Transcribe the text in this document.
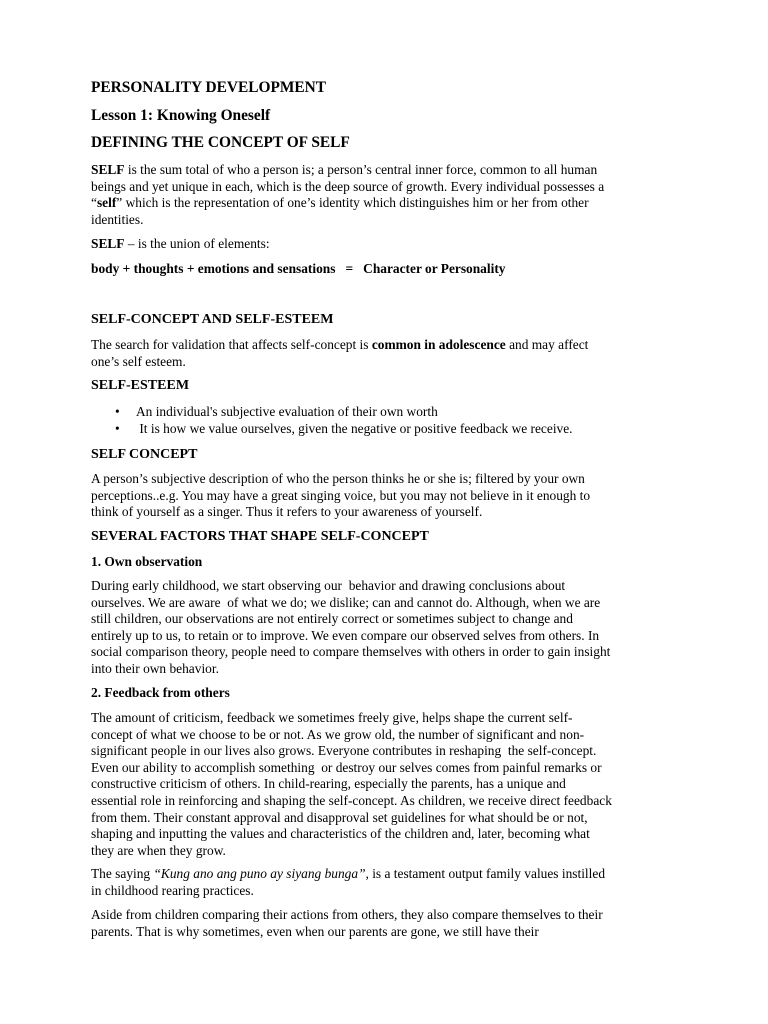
PERSONALITY DEVELOPMENT
Lesson 1: Knowing Oneself
DEFINING THE CONCEPT OF SELF
SELF is the sum total of who a person is; a person’s central inner force, common to all human
beings and yet unique in each, which is the deep source of growth. Every individual possesses a
“self” which is the representation of one’s identity which distinguishes him or her from other
identities.
SELF – is the union of elements:
body + thoughts + emotions and sensations   =   Character or Personality
SELF-CONCEPT AND SELF-ESTEEM
The search for validation that affects self-concept is common in adolescence and may affect
one’s self esteem.
SELF-ESTEEM
• An individual's subjective evaluation of their own worth
•  It is how we value ourselves, given the negative or positive feedback we receive.
SELF CONCEPT
A person’s subjective description of who the person thinks he or she is; filtered by your own
perceptions..e.g. You may have a great singing voice, but you may not believe in it enough to
think of yourself as a singer. Thus it refers to your awareness of yourself.
SEVERAL FACTORS THAT SHAPE SELF-CONCEPT
1. Own observation
During early childhood, we start observing our  behavior and drawing conclusions about
ourselves. We are aware  of what we do; we dislike; can and cannot do. Although, when we are
still children, our observations are not entirely correct or sometimes subject to change and
entirely up to us, to retain or to improve. We even compare our observed selves from others. In
social comparison theory, people need to compare themselves with others in order to gain insight
into their own behavior.
2. Feedback from others
The amount of criticism, feedback we sometimes freely give, helps shape the current self-
concept of what we choose to be or not. As we grow old, the number of significant and non-
significant people in our lives also grows. Everyone contributes in reshaping  the self-concept.
Even our ability to accomplish something  or destroy our selves comes from painful remarks or
constructive criticism of others. In child-rearing, especially the parents, has a unique and
essential role in reinforcing and shaping the self-concept. As children, we receive direct feedback
from them. Their constant approval and disapproval set guidelines for what should be or not,
shaping and inputting the values and characteristics of the children and, later, becoming what
they are when they grow.
The saying “Kung ano ang puno ay siyang bunga”, is a testament output family values instilled
in childhood rearing practices.
Aside from children comparing their actions from others, they also compare themselves to their
parents. That is why sometimes, even when our parents are gone, we still have their
